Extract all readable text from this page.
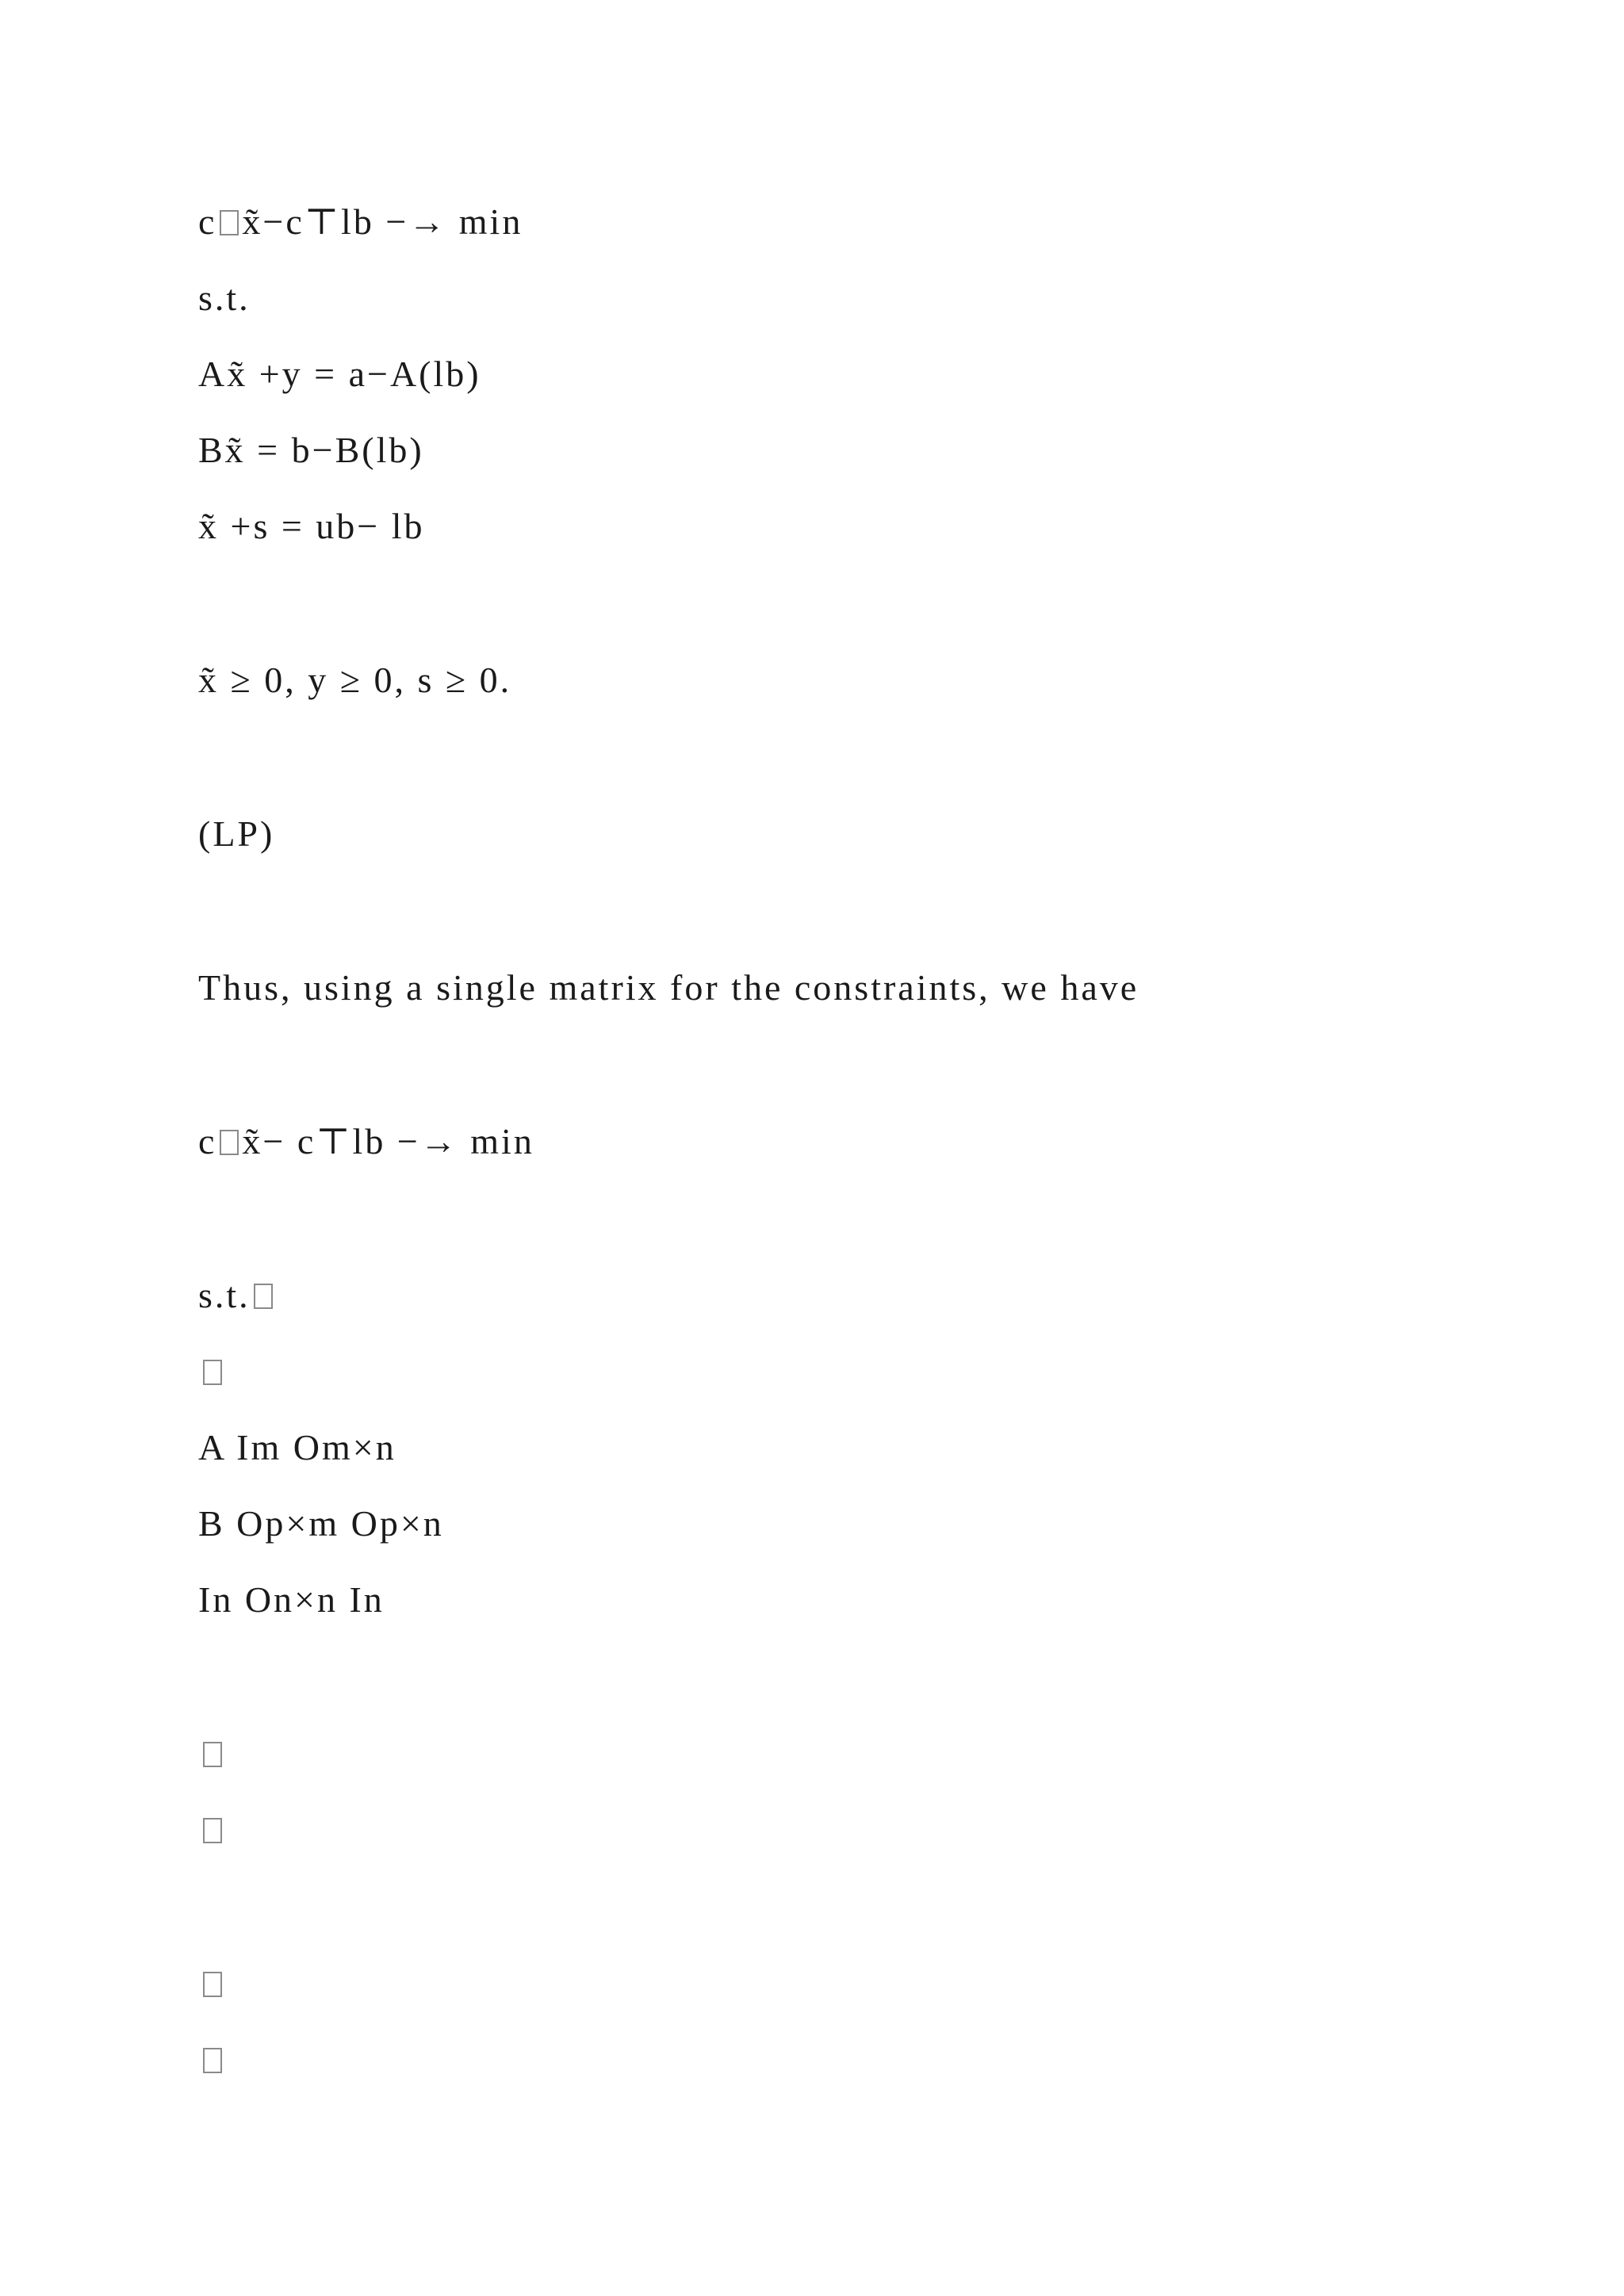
c x̃−c⊤lb −→ min

s.t.

Ax̃ +y = a−A(lb)

Bx̃ = b−B(lb)

x̃ +s = ub− lb

x̃ ≥ 0, y ≥ 0, s ≥ 0.

(LP)

Thus, using a single matrix for the constraints, we have

c x̃− c⊤lb −→ min

s.t.

A Im Om×n

B Op×m Op×n

In On×n In
